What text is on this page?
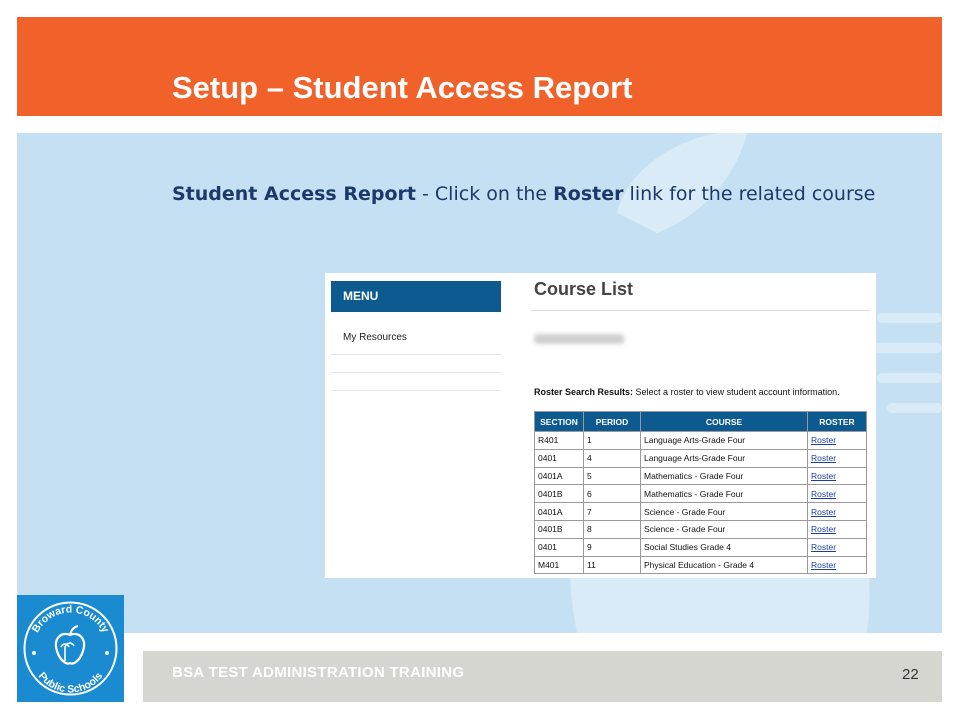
Setup – Student Access Report
Student Access Report - Click on the Roster link for the related course
MENU
My Resources
Course List
Roster Search Results: Select a roster to view student account information.
SECTION	PERIOD	COURSE	ROSTER
R401	1	Language Arts-Grade Four	Roster
0401	4	Language Arts-Grade Four	Roster
0401A	5	Mathematics - Grade Four	Roster
0401B	6	Mathematics - Grade Four	Roster
0401A	7	Science - Grade Four	Roster
0401B	8	Science - Grade Four	Roster
0401	9	Social Studies Grade 4	Roster
M401	11	Physical Education - Grade 4	Roster
Broward County
Public Schools	BSA TEST ADMINISTRATION TRAINING	22
